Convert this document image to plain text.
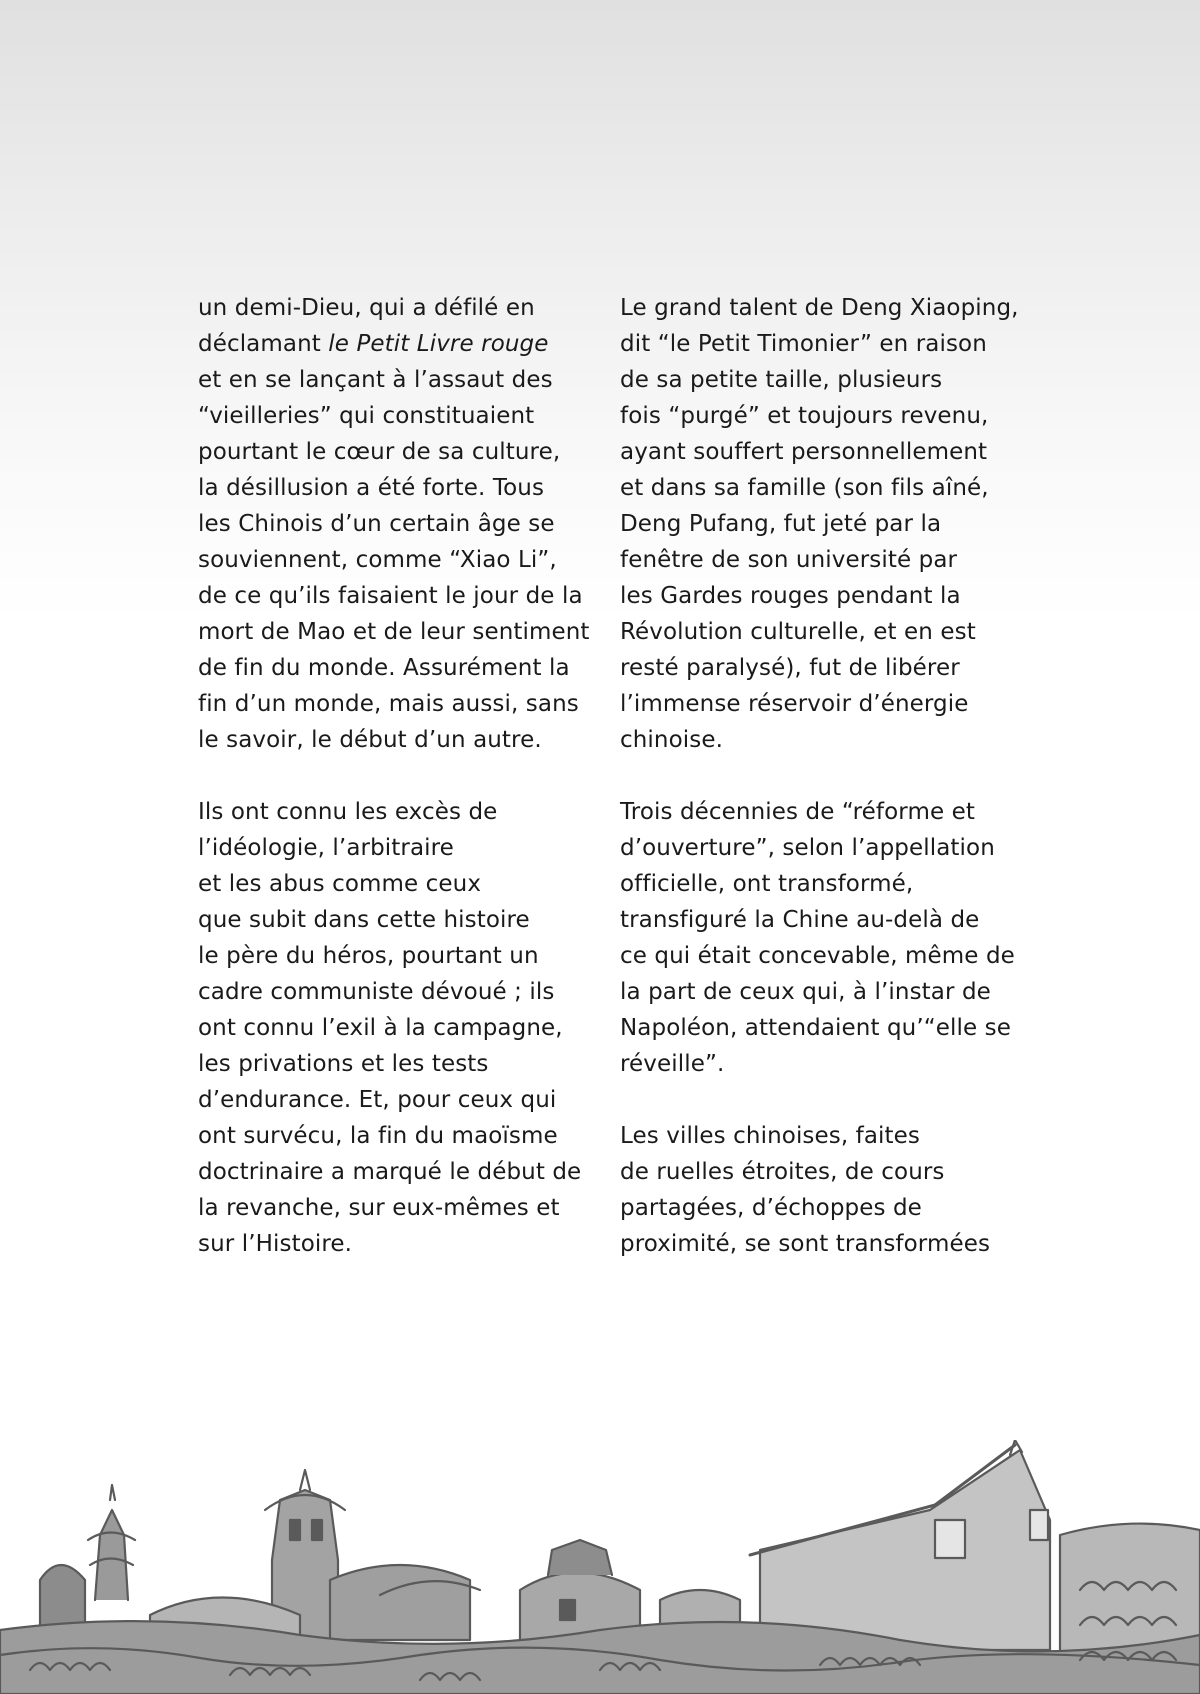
un demi-Dieu, qui a défilé en
déclamant le Petit Livre rouge
et en se lançant à l’assaut des
“vieilleries” qui constituaient
pourtant le cœur de sa culture,
la désillusion a été forte. Tous
les Chinois d’un certain âge se
souviennent, comme “Xiao Li”,
de ce qu’ils faisaient le jour de la
mort de Mao et de leur sentiment
de fin du monde. Assurément la
fin d’un monde, mais aussi, sans
le savoir, le début d’un autre.

Ils ont connu les excès de
l’idéologie, l’arbitraire
et les abus comme ceux
que subit dans cette histoire
le père du héros, pourtant un
cadre communiste dévoué ; ils
ont connu l’exil à la campagne,
les privations et les tests
d’endurance. Et, pour ceux qui
ont survécu, la fin du maoïsme
doctrinaire a marqué le début de
la revanche, sur eux-mêmes et
sur l’Histoire.

Le grand talent de Deng Xiaoping,
dit “le Petit Timonier” en raison
de sa petite taille, plusieurs
fois “purgé” et toujours revenu,
ayant souffert personnellement
et dans sa famille (son fils aîné,
Deng Pufang, fut jeté par la
fenêtre de son université par
les Gardes rouges pendant la
Révolution culturelle, et en est
resté paralysé), fut de libérer
l’immense réservoir d’énergie
chinoise.

Trois décennies de “réforme et
d’ouverture”, selon l’appellation
officielle, ont transformé,
transfiguré la Chine au-delà de
ce qui était concevable, même de
la part de ceux qui, à l’instar de
Napoléon, attendaient qu’“elle se
réveille”.

Les villes chinoises, faites
de ruelles étroites, de cours
partagées, d’échoppes de
proximité, se sont transformées
